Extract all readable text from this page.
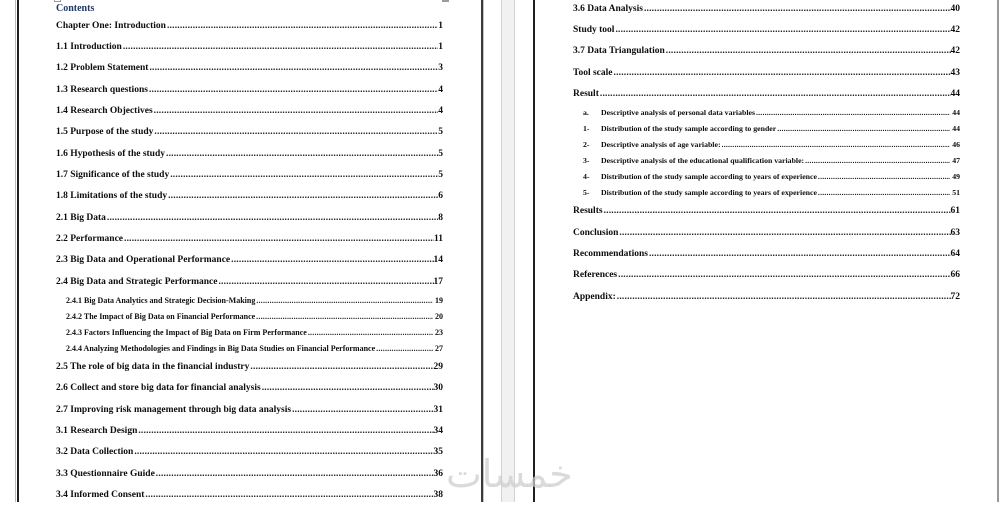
Contents
Chapter One: Introduction .....	1
1.1 Introduction .....	1
1.2 Problem Statement .....	3
1.3 Research questions .....	4
1.4 Research Objectives .....	4
1.5 Purpose of the study .....	5
1.6 Hypothesis of the study .....	5
1.7 Significance of the study .....	5
1.8 Limitations of the study .....	6
2.1 Big Data .....	8
2.2 Performance .....	11
2.3 Big Data and Operational Performance .....	14
2.4 Big Data and Strategic Performance .....	17
2.4.1 Big Data Analytics and Strategic Decision-Making .....	19
2.4.2 The Impact of Big Data on Financial Performance .....	20
2.4.3 Factors Influencing the Impact of Big Data on Firm Performance .....	23
2.4.4 Analyzing Methodologies and Findings in Big Data Studies on Financial Performance .....	27
2.5 The role of big data in the financial industry .....	29
2.6 Collect and store big data for financial analysis .....	30
2.7 Improving risk management through big data analysis .....	31
3.1 Research Design .....	34
3.2 Data Collection .....	35
3.3 Questionnaire Guide .....	36
3.4 Informed Consent .....	38
3.6 Data Analysis .....	40
Study tool .....	42
3.7 Data Triangulation .....	42
Tool scale .....	43
Result .....	44
a.	Descriptive analysis of personal data variables .....	44
1-	Distribution of the study sample according to gender .....	44
2-	Descriptive analysis of age variable: .....	46
3-	Descriptive analysis of the educational qualification variable: .....	47
4-	Distribution of the study sample according to years of experience .....	49
5-	Distribution of the study sample according to years of experience .....	51
Results .....	61
Conclusion .....	63
Recommendations .....	64
References .....	66
Appendix: .....	72
خمسات
